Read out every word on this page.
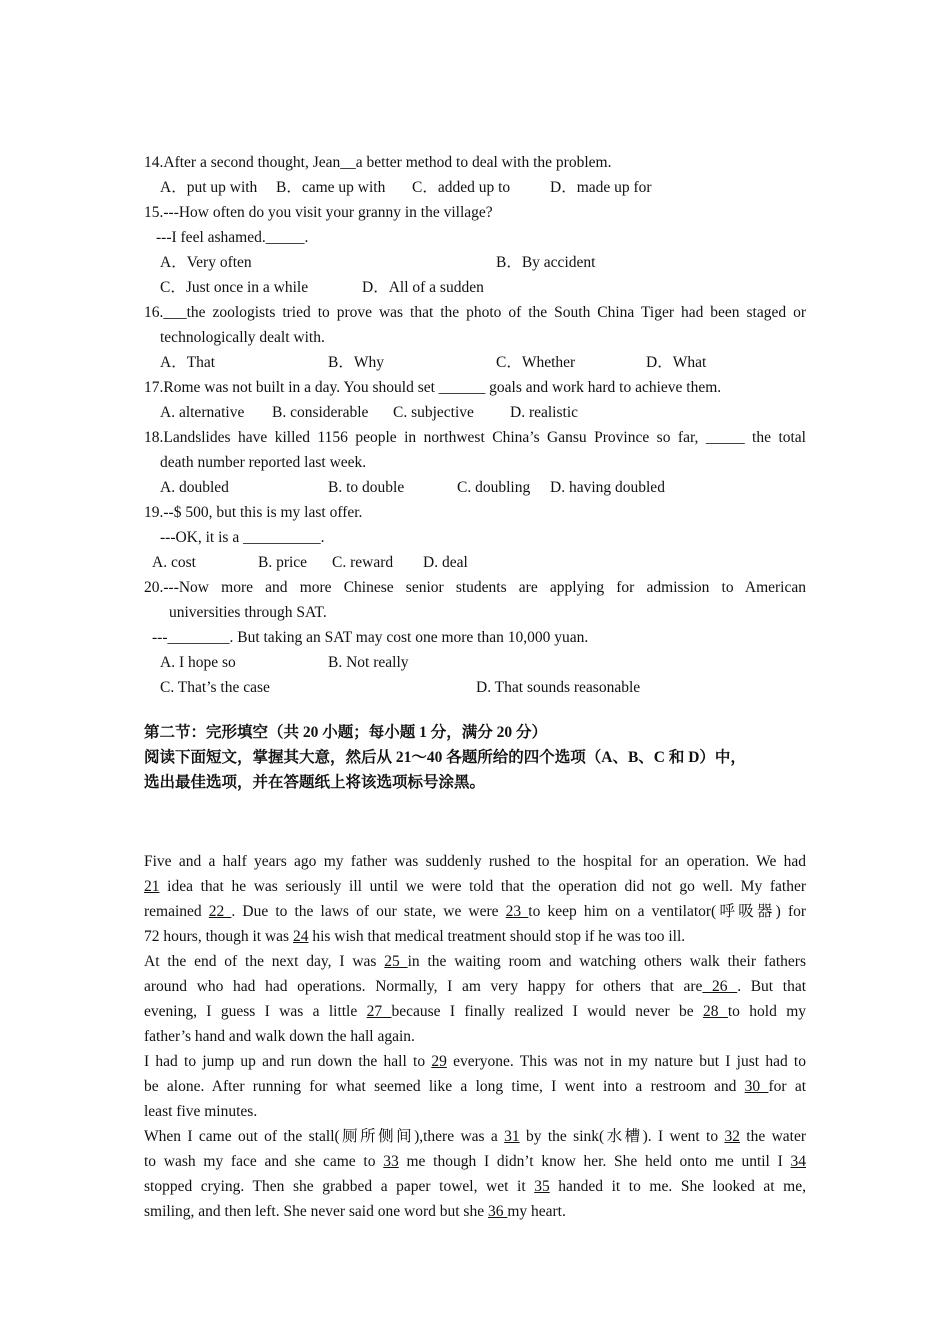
14.After a second thought, Jean__a better method to deal with the problem.
A．put up with B．came up with C．added up to	D．made up for
15.---How often do you visit your granny in the village?
---I feel ashamed._____.
A．Very often	B．By accident
C．Just once in a while	D．All of a sudden
16.___the zoologists tried to prove was that the photo of the South China Tiger had been staged or
technologically dealt with.
A．That	B．Why	C．Whether	D．What
17.Rome was not built in a day. You should set ______ goals and work hard to achieve them.
A. alternative B. considerable C. subjective D. realistic
18.Landslides have killed 1156 people in northwest China’s Gansu Province so far, _____ the total
death number reported last week.
A. doubled	B. to double	C. doubling D. having doubled
19.--$ 500, but this is my last offer.
---OK, it is a __________.
A. cost	B. price C. reward D. deal
20.---Now more and more Chinese senior students are applying for admission to American
universities through SAT.
---________. But taking an SAT may cost one more than 10,000 yuan.
A. I hope so	B. Not really
C. That’s the case	D. That sounds reasonable
第二节：完形填空（共 20 小题；每小题 1 分，满分 20 分）
阅读下面短文，掌握其大意，然后从 21～40 各题所给的四个选项（A、B、C 和 D）中，
选出最佳选项，并在答题纸上将该选项标号涂黑。
Five and a half years ago my father was suddenly rushed to the hospital for an operation. We had
21 idea that he was seriously ill until we were told that the operation did not go well. My father
remained 22 . Due to the laws of our state, we were 23 to keep him on a ventilator(呼吸器) for
72 hours, though it was 24 his wish that medical treatment should stop if he was too ill.
At the end of the next day, I was 25 in the waiting room and watching others walk their fathers
around who had had operations. Normally, I am very happy for others that are 26 . But that
evening, I guess I was a little 27 because I finally realized I would never be 28 to hold my
father’s hand and walk down the hall again.
I had to jump up and run down the hall to 29 everyone. This was not in my nature but I just had to
be alone. After running for what seemed like a long time, I went into a restroom and 30 for at
least five minutes.
When I came out of the stall(厕所侧间),there was a 31 by the sink(水槽). I went to 32 the water
to wash my face and she came to 33 me though I didn’t know her. She held onto me until I 34
stopped crying. Then she grabbed a paper towel, wet it 35 handed it to me. She looked at me,
smiling, and then left. She never said one word but she 36 my heart.
